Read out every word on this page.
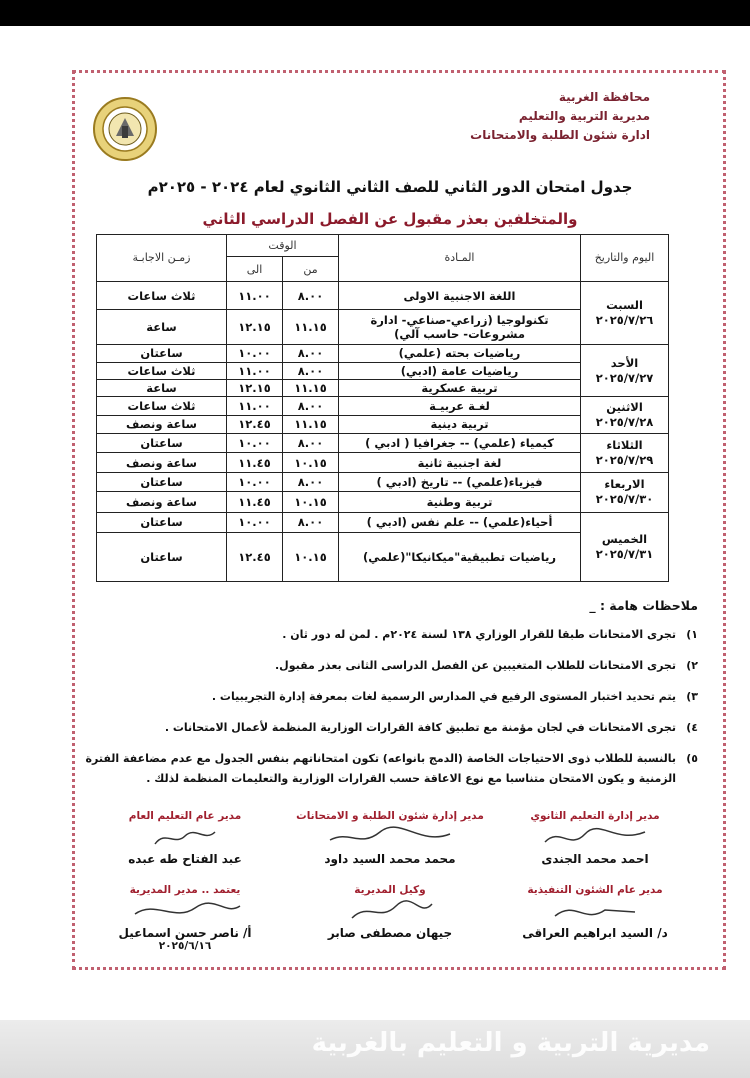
محافظة الغربية
مديرية التربية والتعليم
ادارة شئون الطلبة والامتحانات
جدول امتحان الدور الثاني للصف الثاني الثانوي لعام ٢٠٢٤ - ٢٠٢٥م
والمتخلفين بعذر مقبول عن الفصل الدراسي الثاني
اليوم والتاريخ	المـادة	الوقت		زمـن الاجابـة
		من	الى	
السبت
٢٠٢٥/٧/٢٦	اللغة الاجنبية الاولى	٨.٠٠	١١.٠٠	ثلاث ساعات
	تكنولوجيا (زراعي-صناعي- ادارة مشروعات- حاسب آلي)	١١.١٥	١٢.١٥	ساعة
الأحد
٢٠٢٥/٧/٢٧	رياضيات بحته (علمي)	٨.٠٠	١٠.٠٠	ساعتان
	رياضيات عامة (ادبي)	٨.٠٠	١١.٠٠	ثلاث ساعات
	تربية عسكرية	١١.١٥	١٢.١٥	ساعة
الاثنين
٢٠٢٥/٧/٢٨	لغـة عربيـة	٨.٠٠	١١.٠٠	ثلاث ساعات
	تربية دينية	١١.١٥	١٢.٤٥	ساعة ونصف
الثلاثاء
٢٠٢٥/٧/٢٩	كيمياء (علمي) -- جغرافيا ( ادبي )	٨.٠٠	١٠.٠٠	ساعتان
	لغة اجنبية ثانية	١٠.١٥	١١.٤٥	ساعة ونصف
الاربعاء
٢٠٢٥/٧/٣٠	فيزياء(علمي) -- تاريخ (ادبي )	٨.٠٠	١٠.٠٠	ساعتان
	تربية وطنية	١٠.١٥	١١.٤٥	ساعة ونصف
الخميس
٢٠٢٥/٧/٣١	أحياء(علمي) -- علم نفس (ادبي )	٨.٠٠	١٠.٠٠	ساعتان
	رياضيات تطبيقية"ميكانيكا"(علمي)	١٠.١٥	١٢.٤٥	ساعتان
ملاحظات هامة : _
١)
تجرى الامتحانات طبقا للقرار الوزاري ١٣٨ لسنة ٢٠٢٤م . لمن له دور ثان .
٢)
تجرى الامتحانات للطلاب المتغيبين عن الفصل الدراسى الثانى بعذر مقبول.
٣)
يتم تحديد اختبار المستوى الرفيع في المدارس الرسمية لغات بمعرفة إدارة التجريبيات .
٤)
تجرى الامتحانات في لجان مؤمنة مع تطبيق كافة القرارات الوزارية المنظمة لأعمال الامتحانات .
٥)
بالنسبة للطلاب ذوى الاحتياجات الخاصة (الدمج بانواعه) تكون امتحاناتهم بنفس الجدول مع عدم مضاعفة الفترة الزمنية و يكون الامتحان متناسبا مع نوع الاعاقة حسب القرارات الوزارية والتعليمات المنظمة لذلك .
مدير إدارة التعليم الثانوي
احمد محمد الجندى
مدير إدارة شئون الطلبة و الامتحانات
محمد محمد السيد داود
مدير عام التعليم العام
عبد الفتاح طه عبده
مدير عام الشئون التنفيذية
د/ السيد ابراهيم العراقى
وكيل المديرية
جيهان مصطفى صابر
يعتمد .. مدير المديرية
أ/ ناصر حسن اسماعيل
٢٠٢٥/٦/١٦
مديرية التربية و التعليم بالغربية
